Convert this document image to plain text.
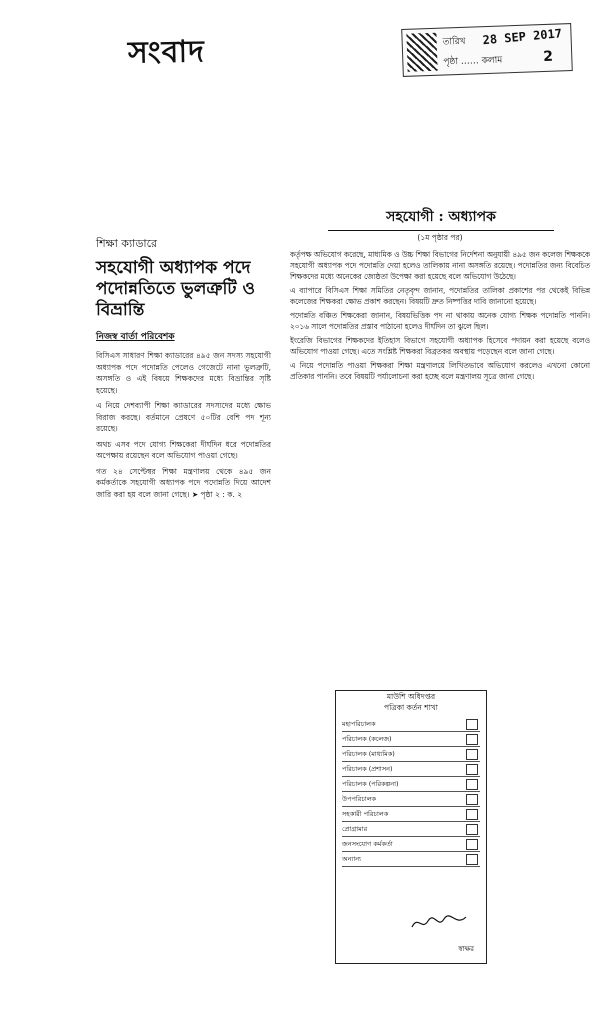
সংবাদ	তারিখ 28 SEP 2017
পৃষ্ঠা …… কলাম	2
শিক্ষা ক্যাডারে
সহযোগী অধ্যাপক পদে পদোন্নতিতে ভুলত্রুটি ও বিভ্রান্তি
নিজস্ব বার্তা পরিবেশক

বিসিএস সাধারণ শিক্ষা ক্যাডারের ৪৯৫ জন সদস্য সহযোগী অধ্যাপক পদে পদোন্নতি পেলেও গেজেটে নানা ভুলত্রুটি, অসঙ্গতি ও এই বিষয়ে শিক্ষকদের মধ্যে বিভ্রান্তির সৃষ্টি হয়েছে।

এ নিয়ে দেশব্যাপী শিক্ষা ক্যাডারের সদস্যদের মধ্যে ক্ষোভ বিরাজ করছে। বর্তমানে প্রেষণে ৫০টির বেশি পদ শূন্য রয়েছে।

অথচ এসব পদে যোগ্য শিক্ষকেরা দীর্ঘদিন ধরে পদোন্নতির অপেক্ষায় রয়েছেন বলে অভিযোগ পাওয়া গেছে।

গত ২৪ সেপ্টেম্বর শিক্ষা মন্ত্রণালয় থেকে ৪৯৫ জন কর্মকর্তাকে সহযোগী অধ্যাপক পদে পদোন্নতি দিয়ে আদেশ জারি করা হয় বলে জানা গেছে। ➤ পৃষ্ঠা ২ : ক. ২

সহযোগী : অধ্যাপক
(১ম পৃষ্ঠার পর)

কর্তৃপক্ষ অভিযোগ করেছে, মাধ্যমিক ও উচ্চ শিক্ষা বিভাগের নির্দেশনা অনুযায়ী ৪৯৫ জন কলেজ শিক্ষককে সহযোগী অধ্যাপক পদে পদোন্নতি দেয়া হলেও তালিকায় নানা অসঙ্গতি রয়েছে। পদোন্নতির জন্য বিবেচিত শিক্ষকদের মধ্যে অনেকের জ্যেষ্ঠতা উপেক্ষা করা হয়েছে বলে অভিযোগ উঠেছে।

এ ব্যাপারে বিসিএস শিক্ষা সমিতির নেতৃবৃন্দ জানান, পদোন্নতির তালিকা প্রকাশের পর থেকেই বিভিন্ন কলেজের শিক্ষকরা ক্ষোভ প্রকাশ করছেন। বিষয়টি দ্রুত নিষ্পত্তির দাবি জানানো হয়েছে।

পদোন্নতি বঞ্চিত শিক্ষকেরা জানান, বিষয়ভিত্তিক পদ না থাকায় অনেক যোগ্য শিক্ষক পদোন্নতি পাননি। ২০১৬ সালে পদোন্নতির প্রস্তাব পাঠানো হলেও দীর্ঘদিন তা ঝুলে ছিল।

ইংরেজি বিভাগের শিক্ষকদের ইতিহাস বিভাগে সহযোগী অধ্যাপক হিসেবে পদায়ন করা হয়েছে বলেও অভিযোগ পাওয়া গেছে। এতে সংশ্লিষ্ট শিক্ষকরা বিব্রতকর অবস্থায় পড়েছেন বলে জানা গেছে।

এ নিয়ে পদোন্নতি পাওয়া শিক্ষকরা শিক্ষা মন্ত্রণালয়ে লিখিতভাবে অভিযোগ করলেও এখনো কোনো প্রতিকার পাননি। তবে বিষয়টি পর্যালোচনা করা হচ্ছে বলে মন্ত্রণালয় সূত্রে জানা গেছে।

মাউশি অধিদপ্তর
পত্রিকা কর্তন শাখা
মহাপরিচালক
পরিচালক (কলেজ)
পরিচালক (মাধ্যমিক)
পরিচালক (প্রশাসন)
পরিচালক (পরিকল্পনা)
উপপরিচালক
সহকারী পরিচালক
প্রোগ্রামার
জনসংযোগ কর্মকর্তা
অন্যান্য
স্বাক্ষর
